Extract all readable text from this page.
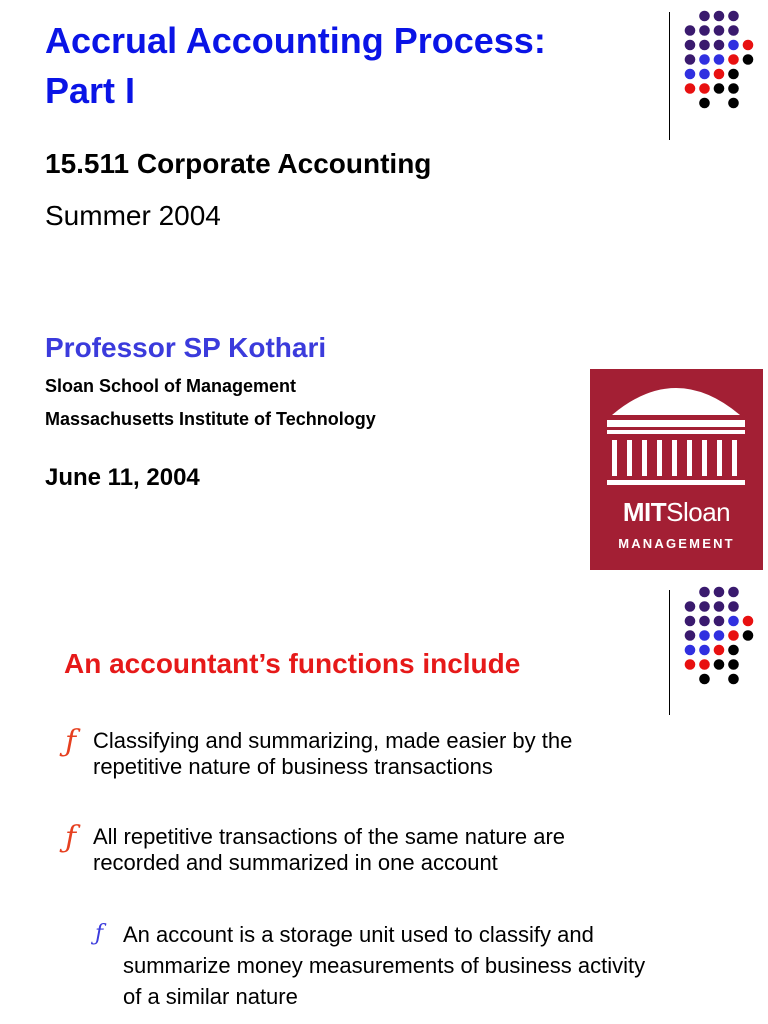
Accrual Accounting Process:
Part I

15.511 Corporate Accounting

Summer 2004

Professor SP Kothari

Sloan School of Management

Massachusetts Institute of Technology

June 11, 2004

MITSloan
MANAGEMENT
An accountant’s functions include
ƒ Classifying and summarizing, made easier by the repetitive nature of business transactions
ƒ All repetitive transactions of the same nature are recorded and summarized in one account
ƒ An account is a storage unit used to classify and summarize money measurements of business activity of a similar nature
